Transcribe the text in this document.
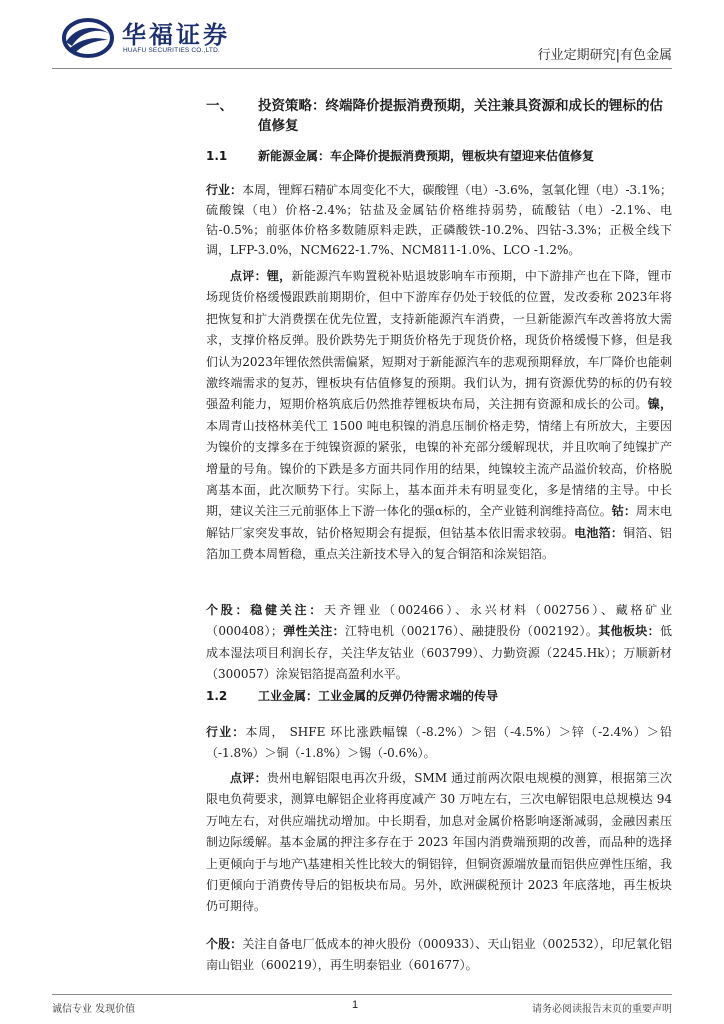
华福证券
HUAFU SECURITIES CO.,LTD.	行业定期研究|有色金属
一、 投资策略：终端降价提振消费预期，关注兼具资源和成长的锂标的估值修复
1.1	新能源金属：车企降价提振消费预期，锂板块有望迎来估值修复

行业：本周，锂辉石精矿本周变化不大，碳酸锂（电）-3.6%，氢氧化锂（电）-3.1%；硫酸镍（电）价格-2.4%；钴盐及金属钴价格维持弱势，硫酸钴（电）-2.1%、电钴-0.5%；前驱体价格多数随原料走跌，正磷酸铁-10.2%、四钴-3.3%；正极全线下调，LFP-3.0%，NCM622-1.7%、NCM811-1.0%、LCO -1.2%。

点评：锂，新能源汽车购置税补贴退坡影响车市预期，中下游排产也在下降，锂市场现货价格缓慢跟跌前期期价，但中下游库存仍处于较低的位置，发改委称 2023年将把恢复和扩大消费摆在优先位置，支持新能源汽车消费，一旦新能源汽车改善将放大需求，支撑价格反弹。股价跌势先于期货价格先于现货价格，现货价格缓慢下修，但是我们认为2023年锂依然供需偏紧，短期对于新能源汽车的悲观预期释放，车厂降价也能刺激终端需求的复苏，锂板块有估值修复的预期。我们认为，拥有资源优势的标的仍有较强盈利能力，短期价格筑底后仍然推荐锂板块布局，关注拥有资源和成长的公司。镍，本周青山技格林美代工 1500 吨电积镍的消息压制价格走势，情绪上有所放大，主要因为镍价的支撑多在于纯镍资源的紧张，电镍的补充部分缓解现状，并且吹响了纯镍扩产增量的号角。镍价的下跌是多方面共同作用的结果，纯镍较主流产品溢价较高，价格脱离基本面，此次顺势下行。实际上，基本面并未有明显变化，多是情绪的主导。中长期，建议关注三元前驱体上下游一体化的强α标的，全产业链利润维持高位。钴：周末电解钴厂家突发事故，钴价格短期会有提振，但钴基本依旧需求较弱。电池箔：铜箔、铝箔加工费本周暂稳，重点关注新技术导入的复合铜箔和涂炭铝箔。

个股：稳健关注：天齐锂业（002466）、永兴材料（002756）、藏格矿业（000408）；弹性关注：江特电机（002176）、融捷股份（002192）。其他板块：低成本湿法项目利润长存，关注华友钴业（603799）、力勤资源（2245.Hk）；万顺新材（300057）涂炭铝箔提高盈利水平。

1.2	工业金属：工业金属的反弹仍待需求端的传导

行业：本周， SHFE 环比涨跌幅镍（-8.2%）＞铝（-4.5%）＞锌（-2.4%）＞铅（-1.8%）＞铜（-1.8%）＞锡（-0.6%）。

点评：贵州电解铝限电再次升级，SMM 通过前两次限电规模的测算，根据第三次限电负荷要求，测算电解铝企业将再度减产 30 万吨左右，三次电解铝限电总规模达 94 万吨左右，对供应端扰动增加。中长期看，加息对金属价格影响逐渐减弱，金融因素压制边际缓解。基本金属的押注多存在于 2023 年国内消费端预期的改善，而品种的选择上更倾向于与地产\基建相关性比较大的铜铝锌，但铜资源端放量而铝供应弹性压缩，我们更倾向于消费传导后的铝板块布局。另外，欧洲碳税预计 2023 年底落地，再生板块仍可期待。

个股：关注自备电厂低成本的神火股份（000933）、天山铝业（002532），印尼氧化铝南山铝业（600219），再生明泰铝业（601677）。

诚信专业 发现价值	1	请务必阅读报告末页的重要声明
